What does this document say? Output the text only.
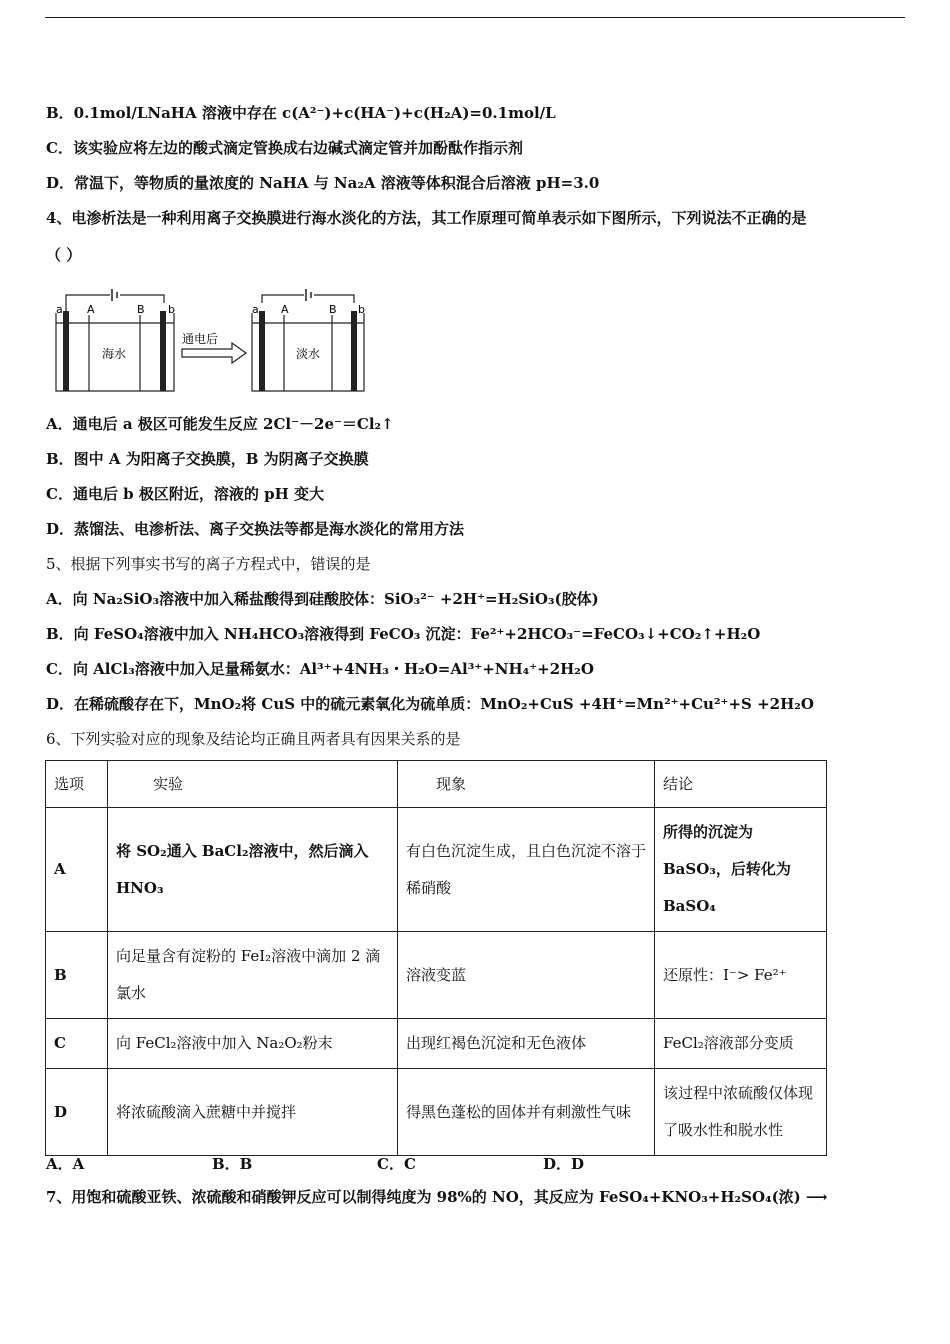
B．0.1mol/LNaHA 溶液中存在 c(A²⁻)+c(HA⁻)+c(H₂A)=0.1mol/L
C．该实验应将左边的酸式滴定管换成右边碱式滴定管并加酚酞作指示剂
D．常温下，等物质的量浓度的 NaHA 与 Na₂A 溶液等体积混合后溶液 pH=3.0
4、电渗析法是一种利用离子交换膜进行海水淡化的方法，其工作原理可简单表示如下图所示，下列说法不正确的是
（ ）
a	b
A	B
海水
通电后
a	b
A	B
淡水
A．通电后 a 极区可能发生反应 2Cl⁻－2e⁻＝Cl₂↑
B．图中 A 为阳离子交换膜，B 为阴离子交换膜
C．通电后 b 极区附近，溶液的 pH 变大
D．蒸馏法、电渗析法、离子交换法等都是海水淡化的常用方法
5、根据下列事实书写的离子方程式中，错误的是
A．向 Na₂SiO₃溶液中加入稀盐酸得到硅酸胶体：SiO₃²⁻ +2H⁺=H₂SiO₃(胶体)
B．向 FeSO₄溶液中加入 NH₄HCO₃溶液得到 FeCO₃ 沉淀：Fe²⁺+2HCO₃⁻=FeCO₃↓+CO₂↑+H₂O
C．向 AlCl₃溶液中加入足量稀氨水：Al³⁺+4NH₃・H₂O=Al³⁺+NH₄⁺+2H₂O
D．在稀硫酸存在下，MnO₂将 CuS 中的硫元素氧化为硫单质：MnO₂+CuS +4H⁺=Mn²⁺+Cu²⁺+S +2H₂O
6、下列实验对应的现象及结论均正确且两者具有因果关系的是
选项	实验	现象	结论
A	将 SO₂通入 BaCl₂溶液中，然后滴入 HNO₃	有白色沉淀生成，且白色沉淀不溶于稀硝酸	所得的沉淀为 BaSO₃，后转化为 BaSO₄
B	向足量含有淀粉的 FeI₂溶液中滴加 2 滴氯水	溶液变蓝	还原性：I⁻> Fe²⁺
C	向 FeCl₂溶液中加入 Na₂O₂粉末	出现红褐色沉淀和无色液体	FeCl₂溶液部分变质
D	将浓硫酸滴入蔗糖中并搅拌	得黑色蓬松的固体并有刺激性气味	该过程中浓硫酸仅体现了吸水性和脱水性
A．A	B．B	C．C	D．D
7、用饱和硫酸亚铁、浓硫酸和硝酸钾反应可以制得纯度为 98%的 NO，其反应为 FeSO₄+KNO₃+H₂SO₄(浓) ⟶
